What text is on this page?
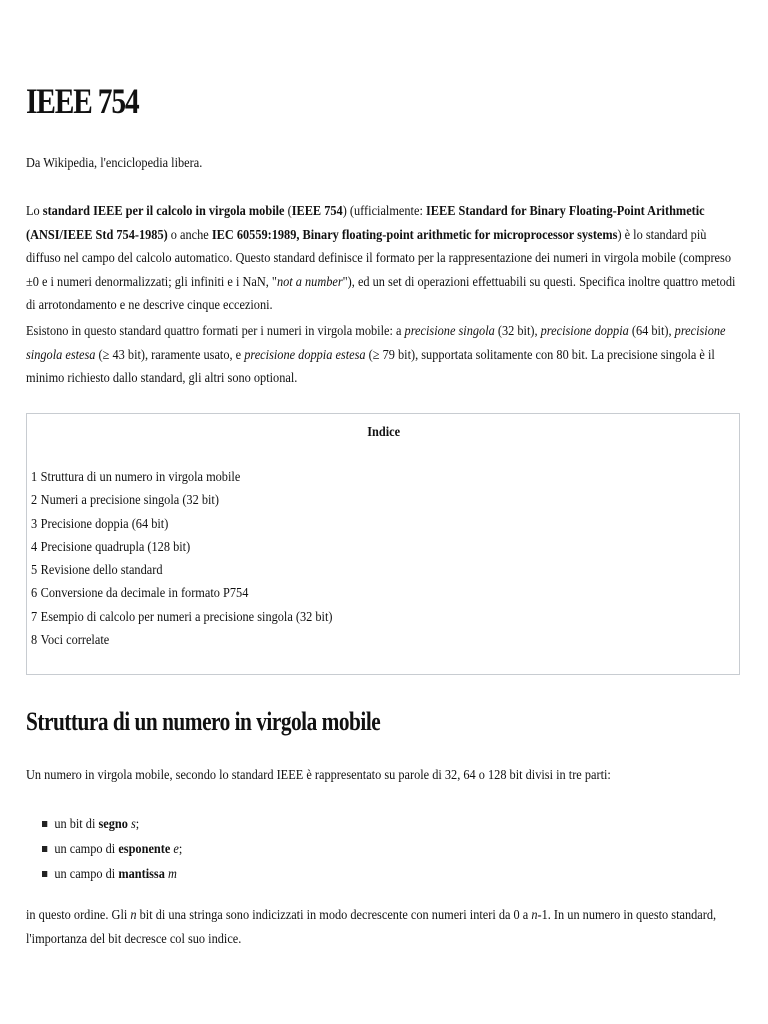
IEEE 754
Da Wikipedia, l'enciclopedia libera.

Lo standard IEEE per il calcolo in virgola mobile (IEEE 754) (ufficialmente: IEEE Standard for Binary Floating-Point Arithmetic (ANSI/IEEE Std 754-1985) o anche IEC 60559:1989, Binary floating-point arithmetic for microprocessor systems) è lo standard più diffuso nel campo del calcolo automatico. Questo standard definisce il formato per la rappresentazione dei numeri in virgola mobile (compreso ±0 e i numeri denormalizzati; gli infiniti e i NaN, "not a number"), ed un set di operazioni effettuabili su questi. Specifica inoltre quattro metodi di arrotondamento e ne descrive cinque eccezioni.

Esistono in questo standard quattro formati per i numeri in virgola mobile: a precisione singola (32 bit), precisione doppia (64 bit), precisione singola estesa (≥ 43 bit), raramente usato, e precisione doppia estesa (≥ 79 bit), supportata solitamente con 80 bit. La precisione singola è il minimo richiesto dallo standard, gli altri sono optional.

Indice
1 Struttura di un numero in virgola mobile
2 Numeri a precisione singola (32 bit)
3 Precisione doppia (64 bit)
4 Precisione quadrupla (128 bit)
5 Revisione dello standard
6 Conversione da decimale in formato P754
7 Esempio di calcolo per numeri a precisione singola (32 bit)
8 Voci correlate
Struttura di un numero in virgola mobile

Un numero in virgola mobile, secondo lo standard IEEE è rappresentato su parole di 32, 64 o 128 bit divisi in tre parti:

un bit di segno s;
un campo di esponente e;
un campo di mantissa m

in questo ordine. Gli n bit di una stringa sono indicizzati in modo decrescente con numeri interi da 0 a n-1. In un numero in questo standard, l'importanza del bit decresce col suo indice.
